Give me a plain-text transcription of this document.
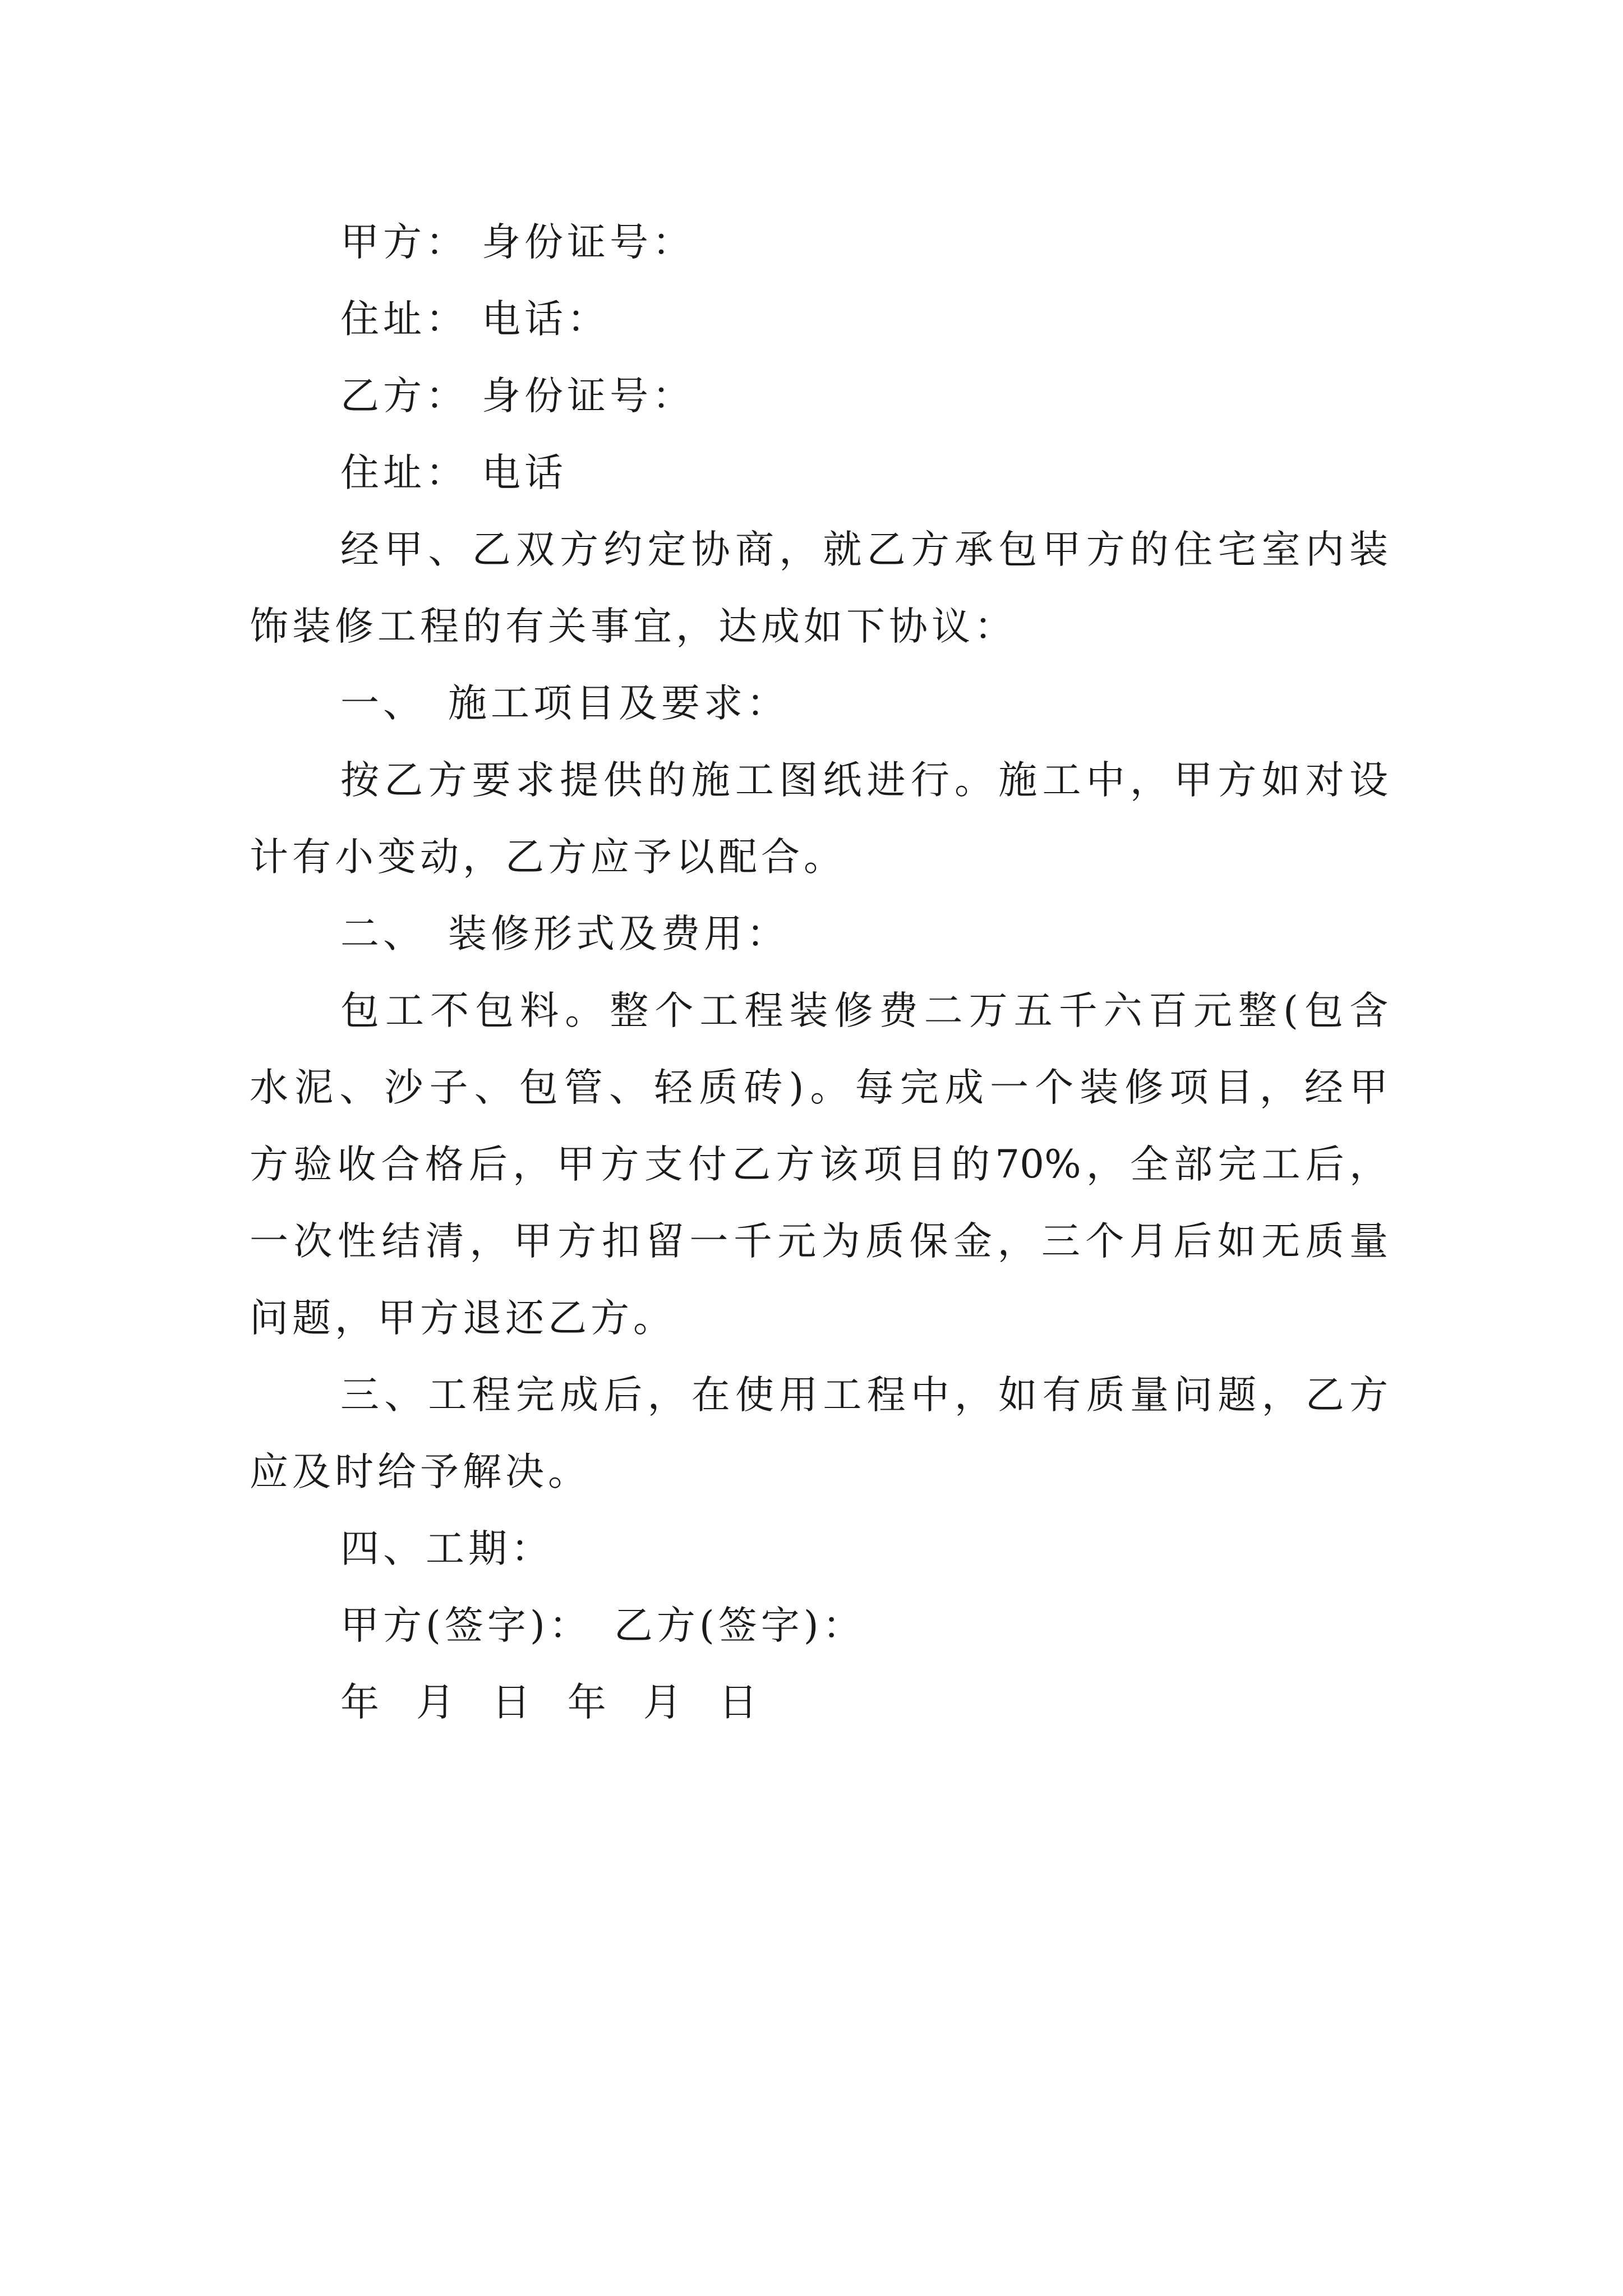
甲方： 身份证号：
住址： 电话：
乙方： 身份证号：
住址： 电话
经甲、乙双方约定协商，就乙方承包甲方的住宅室内装
饰装修工程的有关事宜，达成如下协议：
一、 施工项目及要求：
按乙方要求提供的施工图纸进行。施工中，甲方如对设
计有小变动，乙方应予以配合。
二、 装修形式及费用：
包工不包料。整个工程装修费二万五千六百元整(包含
水泥、沙子、包管、轻质砖)。每完成一个装修项目，经甲
方验收合格后，甲方支付乙方该项目的70%，全部完工后，
一次性结清，甲方扣留一千元为质保金，三个月后如无质量
问题，甲方退还乙方。
三、工程完成后，在使用工程中，如有质量问题，乙方
应及时给予解决。
四、工期：
甲方(签字)： 乙方(签字)：
年 月 日 年 月 日
